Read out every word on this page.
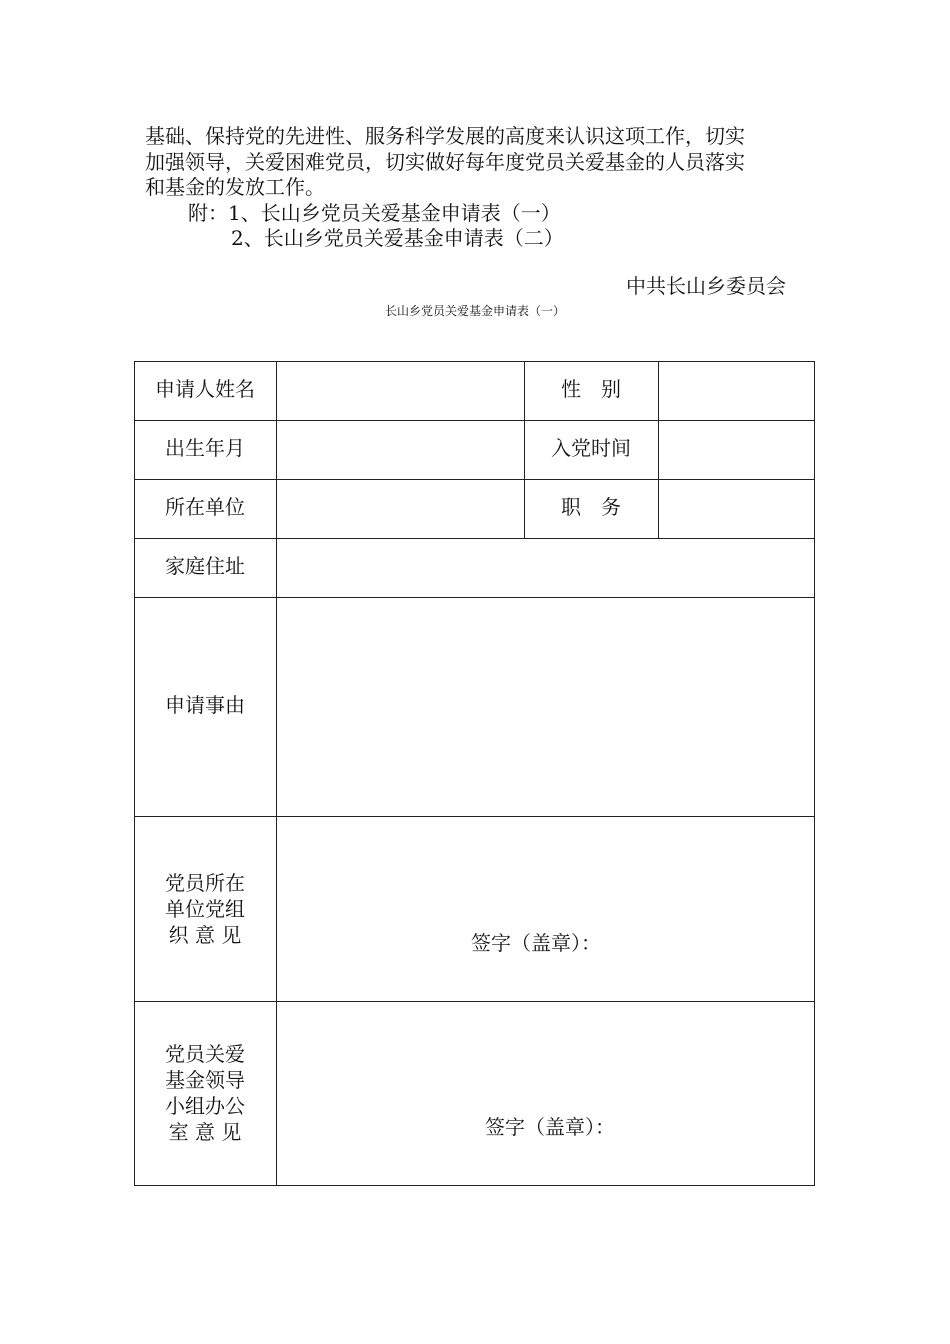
基础、保持党的先进性、服务科学发展的高度来认识这项工作，切实
加强领导，关爱困难党员，切实做好每年度党员关爱基金的人员落实
和基金的发放工作。
附：1、长山乡党员关爱基金申请表（一）
2、长山乡党员关爱基金申请表（二）
中共长山乡委员会
长山乡党员关爱基金申请表（一）
申请人姓名	性　别
出生年月	入党时间
所在单位	职　务
家庭住址
申请事由
党员所在
单位党组
织 意 见	签字（盖章）：
党员关爱
基金领导
小组办公
室 意 见	签字（盖章）：
